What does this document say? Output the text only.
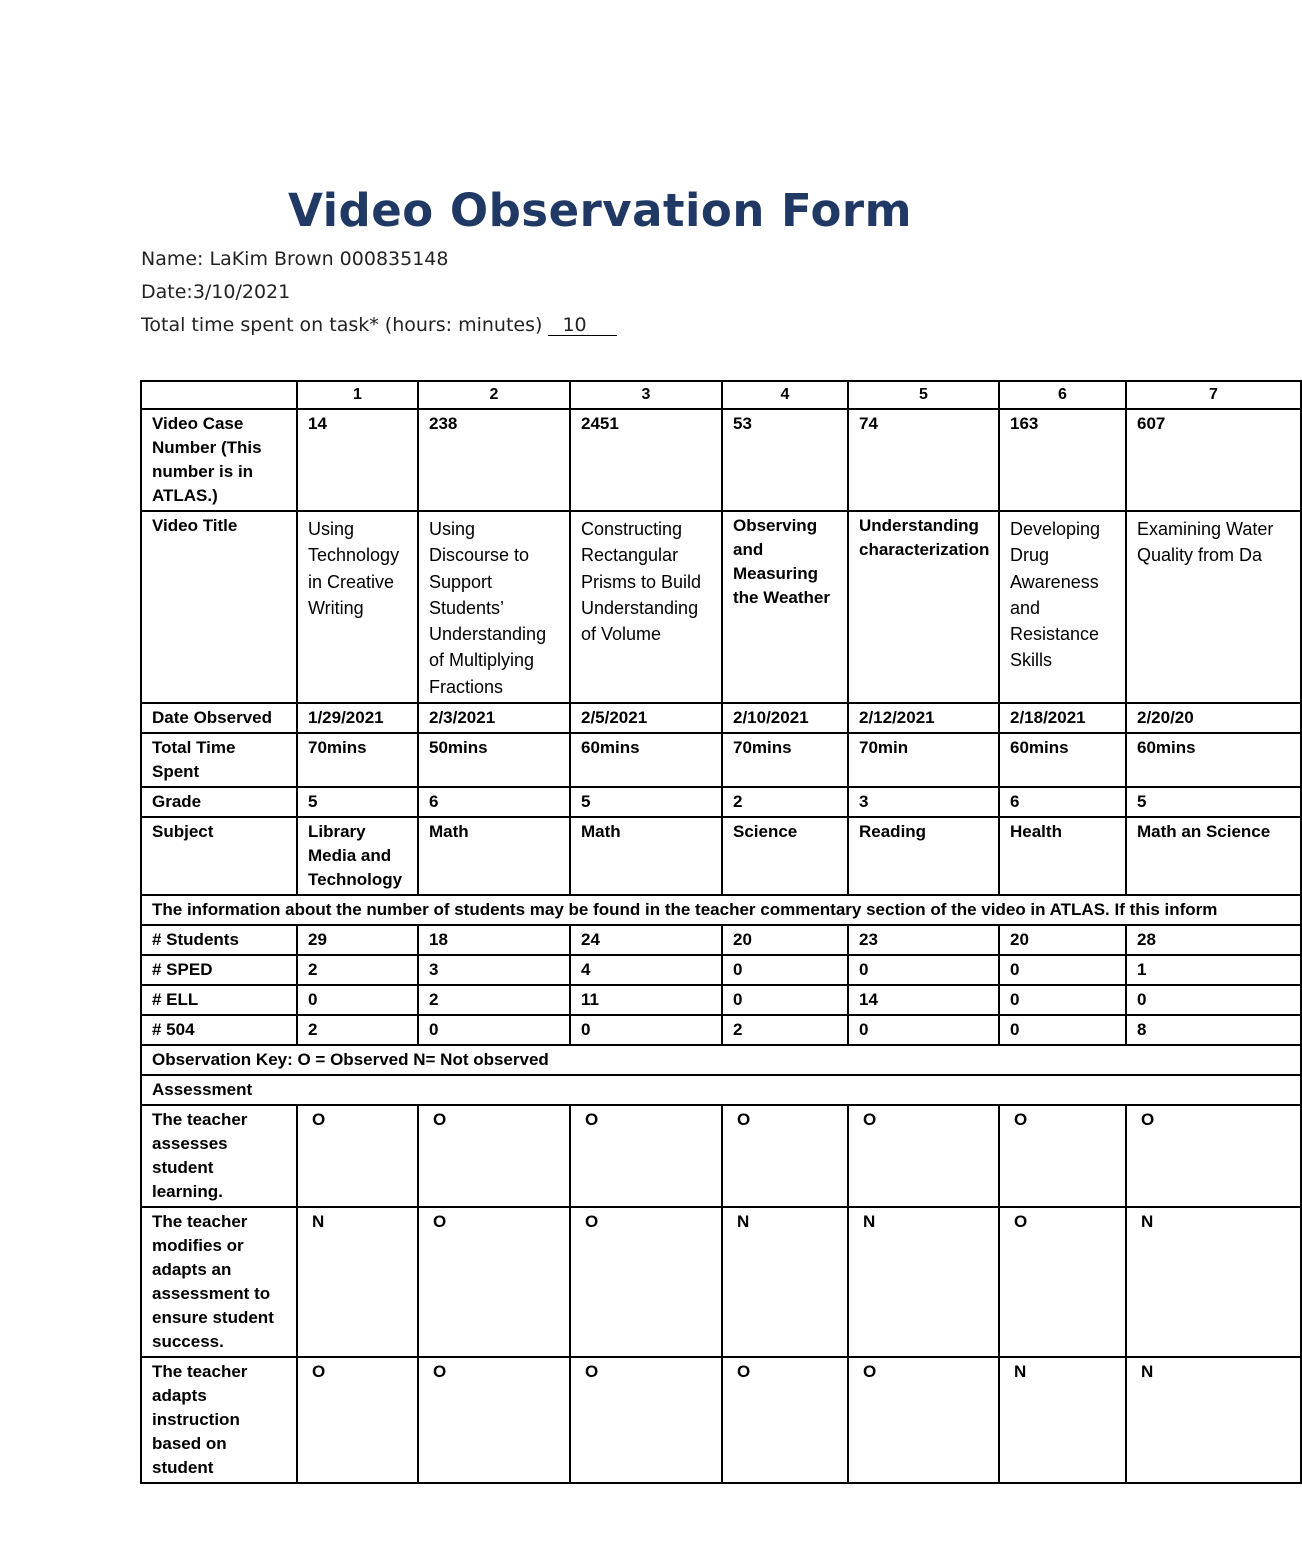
Video Observation Form
Name: LaKim Brown 000835148
Date:3/10/2021
Total time spent on task* (hours: minutes) 10
	1	2	3	4	5	6	7
Video Case Number (This number is in ATLAS.)	14	238	2451	53	74	163	607
Video Title	Using Technology in Creative Writing	Using Discourse to Support Students’ Understanding of Multiplying Fractions	Constructing Rectangular Prisms to Build Understanding of Volume	Observing and Measuring the Weather	Understanding characterization	Developing Drug Awareness and Resistance Skills	Examining Water Quality from Da
Date Observed	1/29/2021	2/3/2021	2/5/2021	2/10/2021	2/12/2021	2/18/2021	2/20/20
Total Time Spent	70mins	50mins	60mins	70mins	70min	60mins	60mins
Grade	5	6	5	2	3	6	5
Subject	Library Media and Technology	Math	Math	Science	Reading	Health	Math an Science
The information about the number of students may be found in the teacher commentary section of the video in ATLAS. If this inform							
# Students	29	18	24	20	23	20	28
# SPED	2	3	4	0	0	0	1
# ELL	0	2	11	0	14	0	0
# 504	2	0	0	2	0	0	8
Observation Key: O = Observed N= Not observed							
Assessment							
The teacher assesses student learning.	O	O	O	O	O	O	O
The teacher modifies or adapts an assessment to ensure student success.	N	O	O	N	N	O	N
The teacher adapts instruction based on student	O	O	O	O	O	N	N
